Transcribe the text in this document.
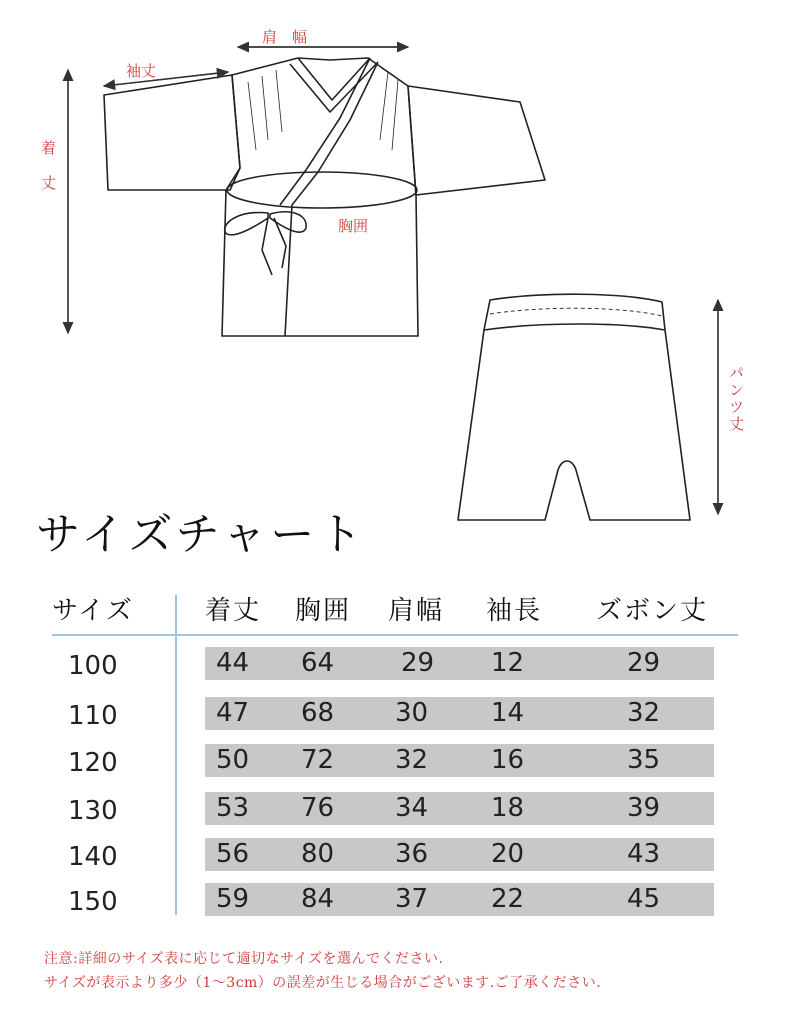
肩　幅
袖丈
着丈
胸囲
パンツ丈
サイズチャート
サイズ	着丈 胸囲 肩幅 袖長 ズボン丈
100	44 64	29 12	29
110	47 68 30 14	32
120	50 72 32 16	35
130	53 76 34 18	39
140	56 80 36 20	43
150	59 84 37 22	45
注意:詳細のサイズ表に応じて適切なサイズを選んでください.
サイズが表示より多少（1～3cm）の誤差が生じる場合がございます.ご了承ください.
